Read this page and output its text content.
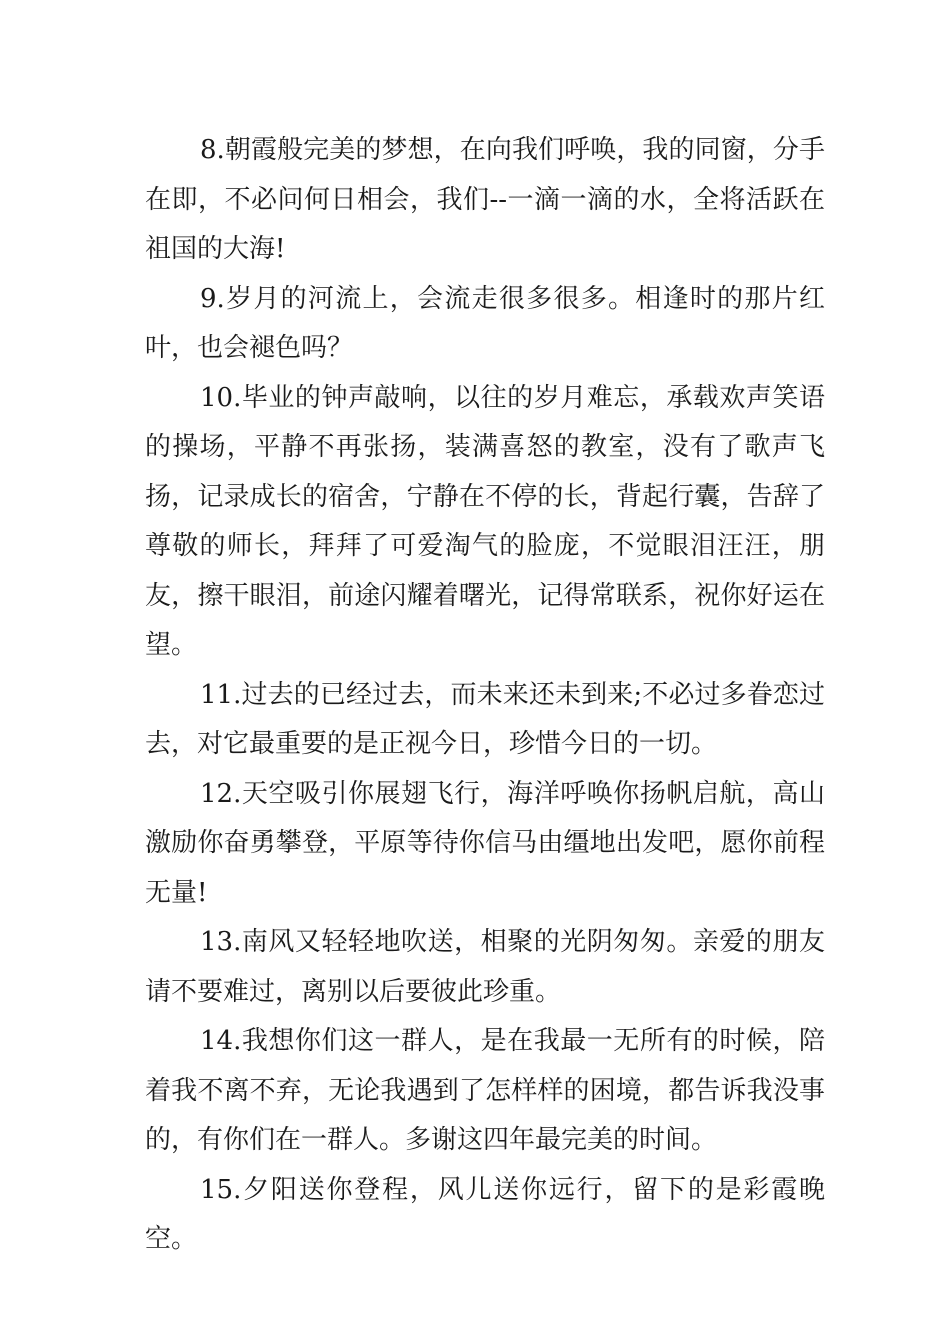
8.朝霞般完美的梦想，在向我们呼唤，我的同窗，分手在即，不必问何日相会，我们--一滴一滴的水，全将活跃在祖国的大海!

9.岁月的河流上，会流走很多很多。相逢时的那片红叶，也会褪色吗？

10.毕业的钟声敲响，以往的岁月难忘，承载欢声笑语的操场，平静不再张扬，装满喜怒的教室，没有了歌声飞扬，记录成长的宿舍，宁静在不停的长，背起行囊，告辞了尊敬的师长，拜拜了可爱淘气的脸庞，不觉眼泪汪汪，朋友，擦干眼泪，前途闪耀着曙光，记得常联系，祝你好运在望。

11.过去的已经过去，而未来还未到来;不必过多眷恋过去，对它最重要的是正视今日，珍惜今日的一切。

12.天空吸引你展翅飞行，海洋呼唤你扬帆启航，高山激励你奋勇攀登，平原等待你信马由缰地出发吧，愿你前程无量!

13.南风又轻轻地吹送，相聚的光阴匆匆。亲爱的朋友请不要难过，离别以后要彼此珍重。

14.我想你们这一群人，是在我最一无所有的时候，陪着我不离不弃，无论我遇到了怎样样的困境，都告诉我没事的，有你们在一群人。多谢这四年最完美的时间。

15.夕阳送你登程，风儿送你远行，留下的是彩霞晚空。
